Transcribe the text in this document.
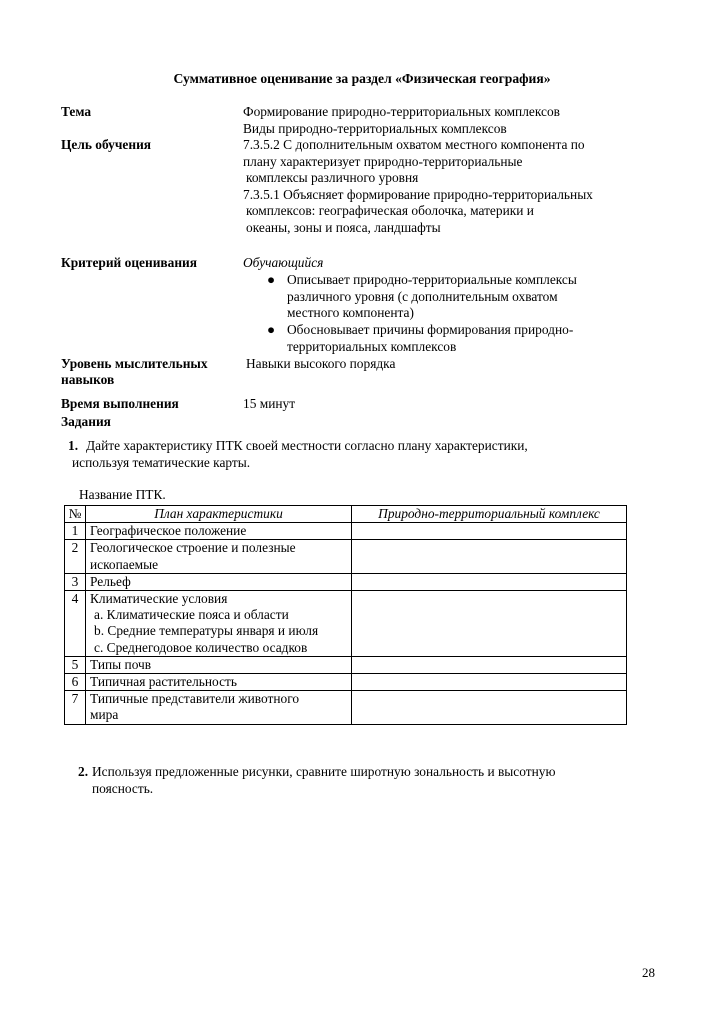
Суммативное оценивание за раздел «Физическая география»
Тема	Формирование природно-территориальных комплексов
Виды природно-территориальных комплексов
Цель обучения	7.3.5.2 С дополнительным охватом местного компонента по
плану характеризует природно-территориальные
комплексы различного уровня
7.3.5.1 Объясняет формирование природно-территориальных
комплексов: географическая оболочка, материки и
океаны, зоны и пояса, ландшафты
Критерий оценивания	Обучающийся
● Описывает природно-территориальные комплексы
различного уровня (с дополнительным охватом
местного компонента)
● Обосновывает причины формирования природно-
территориальных комплексов
Уровень мыслительных
навыков
Навыки высокого порядка
Время выполнения	15 минут
Задания
1. Дайте характеристику ПТК своей местности согласно плану характеристики,
используя тематические карты.
Название ПТК.
№	План характеристики	Природно-территориальный комплекс
1	Географическое положение	

2	Геологическое строение и полезные
ископаемые	

3	Рельеф	

4	Климатические условия
a. Климатические пояса и области
b. Средние температуры января и июля
c. Среднегодовое количество осадков	

5	Типы почв	

6	Типичная растительность	

7	Типичные представители животного
мира	

2. Используя предложенные рисунки, сравните широтную зональность и высотную
поясность.
28
